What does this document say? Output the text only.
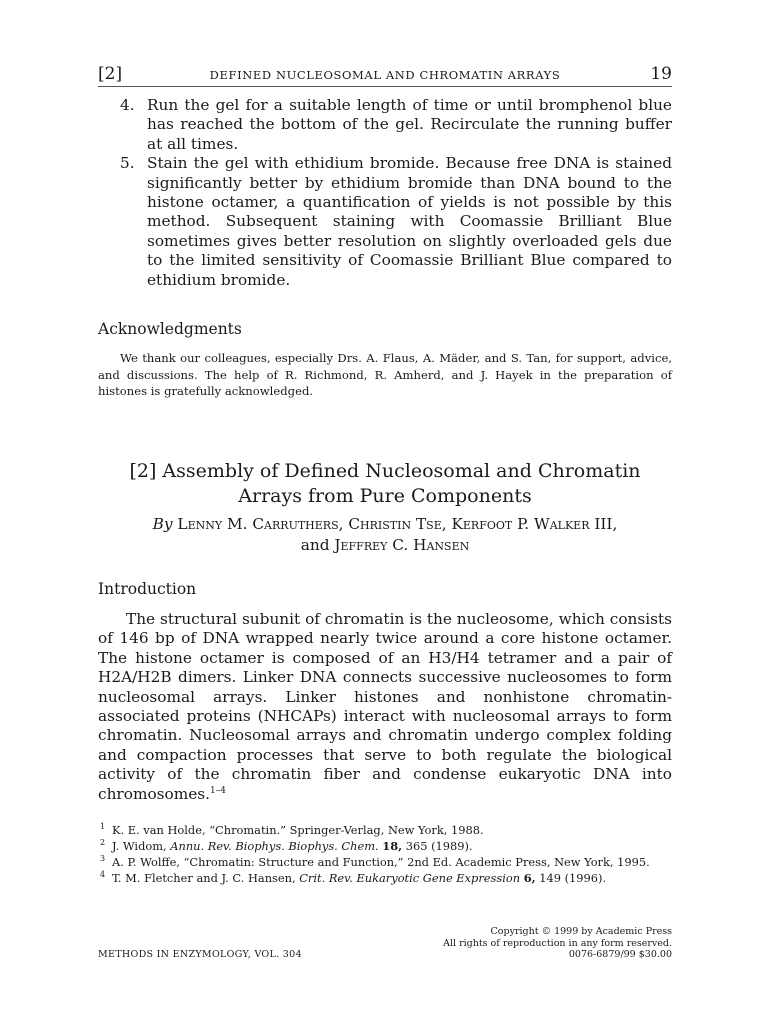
[2]	DEFINED NUCLEOSOMAL AND CHROMATIN ARRAYS	19

4. Run the gel for a suitable length of time or until bromphenol blue has reached the bottom of the gel. Recirculate the running buffer at all times.

5. Stain the gel with ethidium bromide. Because free DNA is stained significantly better by ethidium bromide than DNA bound to the histone octamer, a quantification of yields is not possible by this method. Subsequent staining with Coomassie Brilliant Blue sometimes gives better resolution on slightly overloaded gels due to the limited sensitivity of Coomassie Brilliant Blue compared to ethidium bromide.

Acknowledgments

We thank our colleagues, especially Drs. A. Flaus, A. Mäder, and S. Tan, for support, advice, and discussions. The help of R. Richmond, R. Amherd, and J. Hayek in the preparation of histones is gratefully acknowledged.

[2] Assembly of Defined Nucleosomal and Chromatin
Arrays from Pure Components

By Lenny M. Carruthers, Christin Tse, Kerfoot P. Walker III,
and Jeffrey C. Hansen

Introduction

The structural subunit of chromatin is the nucleosome, which consists of 146 bp of DNA wrapped nearly twice around a core histone octamer. The histone octamer is composed of an H3/H4 tetramer and a pair of H2A/H2B dimers. Linker DNA connects successive nucleosomes to form nucleosomal arrays. Linker histones and nonhistone chromatin-associated proteins (NHCAPs) interact with nucleosomal arrays to form chromatin. Nucleosomal arrays and chromatin undergo complex folding and compaction processes that serve to both regulate the biological activity of the chromatin fiber and condense eukaryotic DNA into chromosomes.$^{1-4}$

1 K. E. van Holde, “Chromatin.” Springer-Verlag, New York, 1988.

2 J. Widom, Annu. Rev. Biophys. Biophys. Chem. 18, 365 (1989).

3 A. P. Wolffe, “Chromatin: Structure and Function,” 2nd Ed. Academic Press, New York, 1995.

4 T. M. Fletcher and J. C. Hansen, Crit. Rev. Eukaryotic Gene Expression 6, 149 (1996).

Copyright © 1999 by Academic Press
All rights of reproduction in any form reserved.
0076-6879/99 $30.00
METHODS IN ENZYMOLOGY, VOL. 304
